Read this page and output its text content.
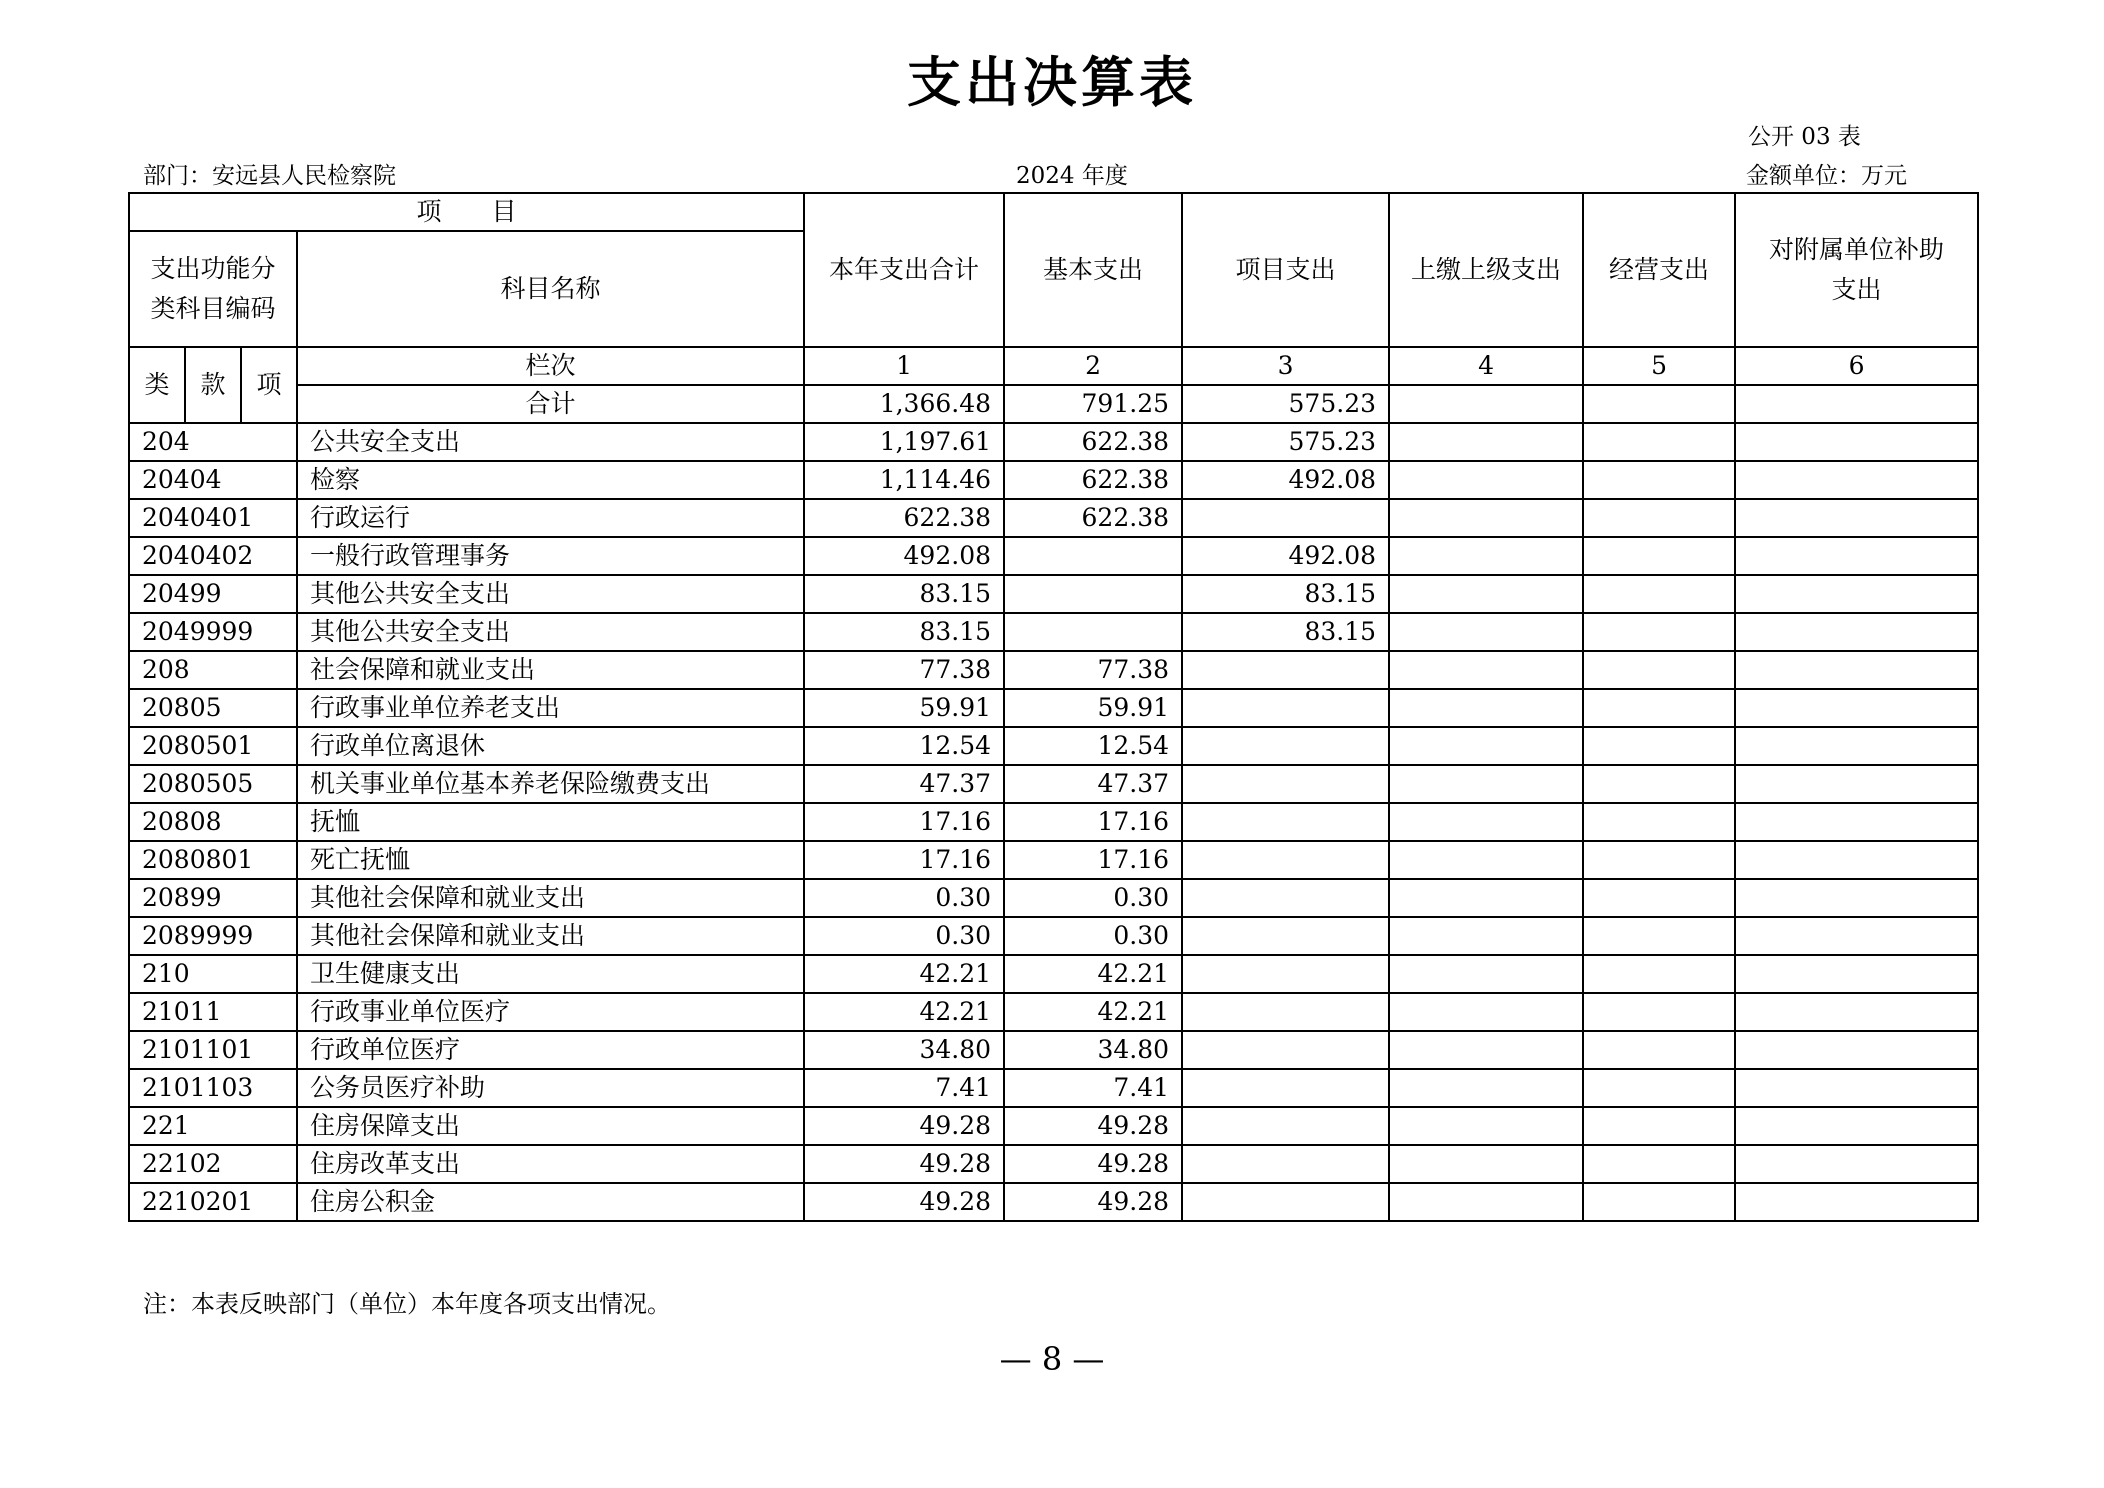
支出决算表
公开 03 表
部门：安远县人民检察院	2024 年度	金额单位：万元
项　　目				本年支出合计	基本支出	项目支出	上缴上级支出	经营支出	对附属单位补助支出
支出功能分类科目编码			科目名称						
类	款	项	栏次	1	2	3	4	5	6
			合计	1,366.48	791.25	575.23			
204			公共安全支出	1,197.61	622.38	575.23			
20404			检察	1,114.46	622.38	492.08			
2040401			行政运行	622.38	622.38				
2040402			一般行政管理事务	492.08		492.08			
20499			其他公共安全支出	83.15		83.15			
2049999			其他公共安全支出	83.15		83.15			
208			社会保障和就业支出	77.38	77.38				
20805			行政事业单位养老支出	59.91	59.91				
2080501			行政单位离退休	12.54	12.54				
2080505			机关事业单位基本养老保险缴费支出	47.37	47.37				
20808			抚恤	17.16	17.16				
2080801			死亡抚恤	17.16	17.16				
20899			其他社会保障和就业支出	0.30	0.30				
2089999			其他社会保障和就业支出	0.30	0.30				
210			卫生健康支出	42.21	42.21				
21011			行政事业单位医疗	42.21	42.21				
2101101			行政单位医疗	34.80	34.80				
2101103			公务员医疗补助	7.41	7.41				
221			住房保障支出	49.28	49.28				
22102			住房改革支出	49.28	49.28				
2210201			住房公积金	49.28	49.28				
注：本表反映部门（单位）本年度各项支出情况。
— 8 —
